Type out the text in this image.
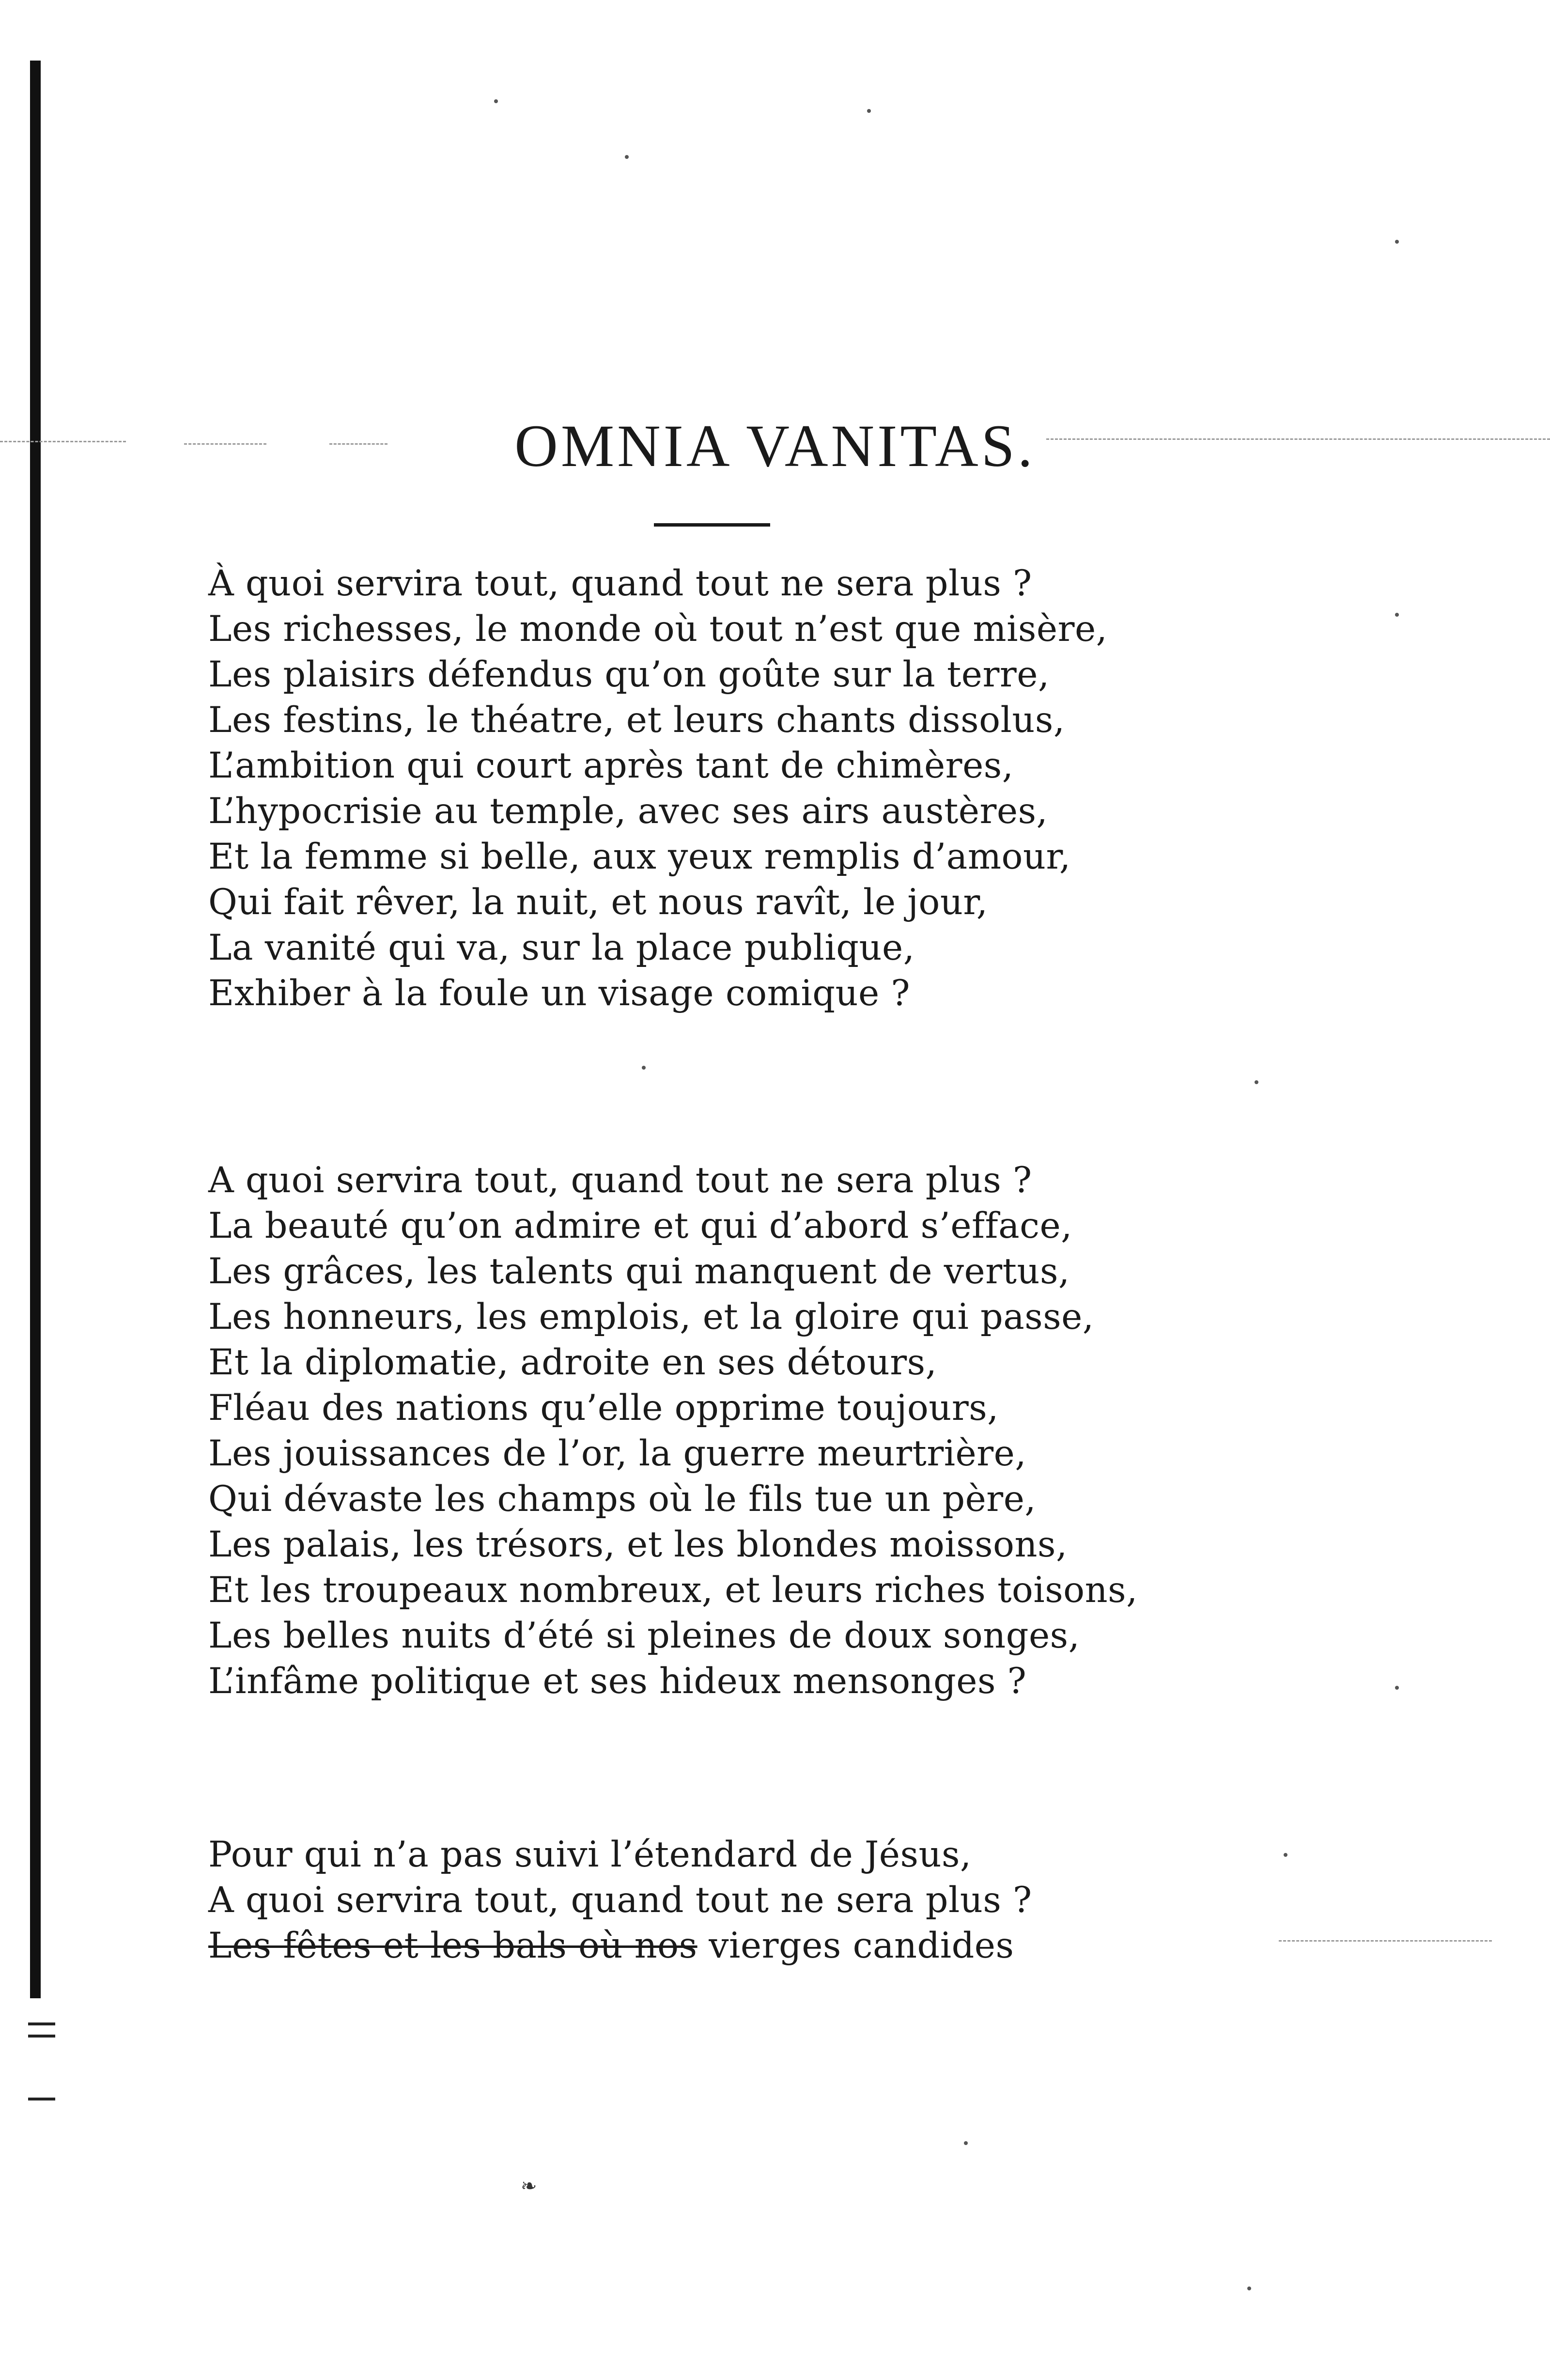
OMNIA VANITAS.
À quoi servira tout, quand tout ne sera plus ?
Les richesses, le monde où tout n’est que misère,
Les plaisirs défendus qu’on goûte sur la terre,
Les festins, le théatre, et leurs chants dissolus,
L’ambition qui court après tant de chimères,
L’hypocrisie au temple, avec ses airs austères,
Et la femme si belle, aux yeux remplis d’amour,
Qui fait rêver, la nuit, et nous ravît, le jour,
La vanité qui va, sur la place publique,
Exhiber à la foule un visage comique ?
A quoi servira tout, quand tout ne sera plus ?
La beauté qu’on admire et qui d’abord s’efface,
Les grâces, les talents qui manquent de vertus,
Les honneurs, les emplois, et la gloire qui passe,
Et la diplomatie, adroite en ses détours,
Fléau des nations qu’elle opprime toujours,
Les jouissances de l’or, la guerre meurtrière,
Qui dévaste les champs où le fils tue un père,
Les palais, les trésors, et les blondes moissons,
Et les troupeaux nombreux, et leurs riches toisons,
Les belles nuits d’été si pleines de doux songes,
L’infâme politique et ses hideux mensonges ?
Pour qui n’a pas suivi l’étendard de Jésus,
A quoi servira tout, quand tout ne sera plus ?
Les fêtes et les bals où nos vierges candides
❧
